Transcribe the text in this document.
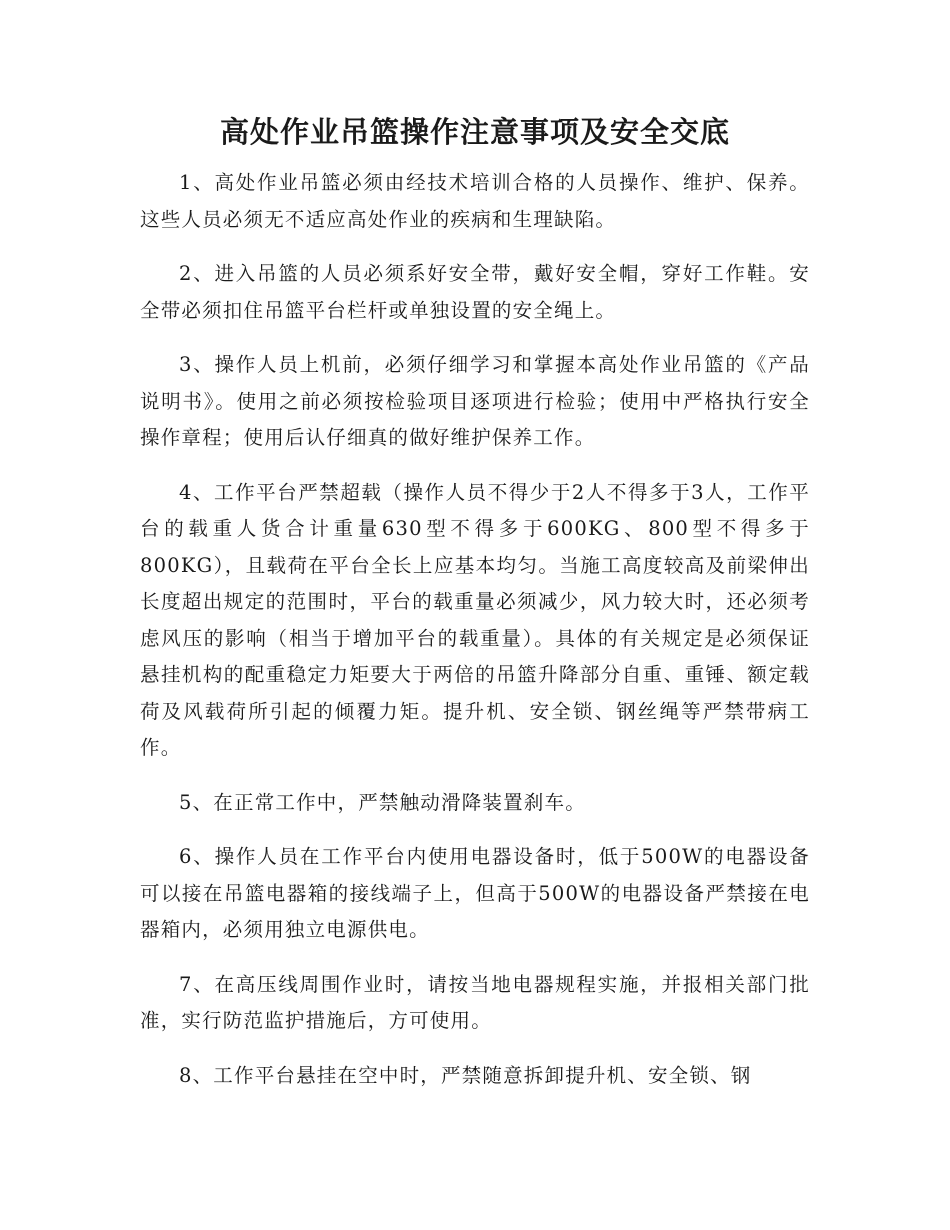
高处作业吊篮操作注意事项及安全交底

1、高处作业吊篮必须由经技术培训合格的人员操作、维护、保养。这些人员必须无不适应高处作业的疾病和生理缺陷。

2、进入吊篮的人员必须系好安全带，戴好安全帽，穿好工作鞋。安全带必须扣住吊篮平台栏杆或单独设置的安全绳上。

3、操作人员上机前，必须仔细学习和掌握本高处作业吊篮的《产品说明书》。使用之前必须按检验项目逐项进行检验；使用中严格执行安全操作章程；使用后认仔细真的做好维护保养工作。

4、工作平台严禁超载（操作人员不得少于2人不得多于3人，工作平台的载重人货合计重量630型不得多于600KG、800型不得多于800KG），且载荷在平台全长上应基本均匀。当施工高度较高及前梁伸出长度超出规定的范围时，平台的载重量必须减少，风力较大时，还必须考虑风压的影响（相当于增加平台的载重量）。具体的有关规定是必须保证悬挂机构的配重稳定力矩要大于两倍的吊篮升降部分自重、重锤、额定载荷及风载荷所引起的倾覆力矩。提升机、安全锁、钢丝绳等严禁带病工作。

5、在正常工作中，严禁触动滑降装置刹车。

6、操作人员在工作平台内使用电器设备时，低于500W的电器设备可以接在吊篮电器箱的接线端子上，但高于500W的电器设备严禁接在电器箱内，必须用独立电源供电。

7、在高压线周围作业时，请按当地电器规程实施，并报相关部门批准，实行防范监护措施后，方可使用。

8、工作平台悬挂在空中时，严禁随意拆卸提升机、安全锁、钢
